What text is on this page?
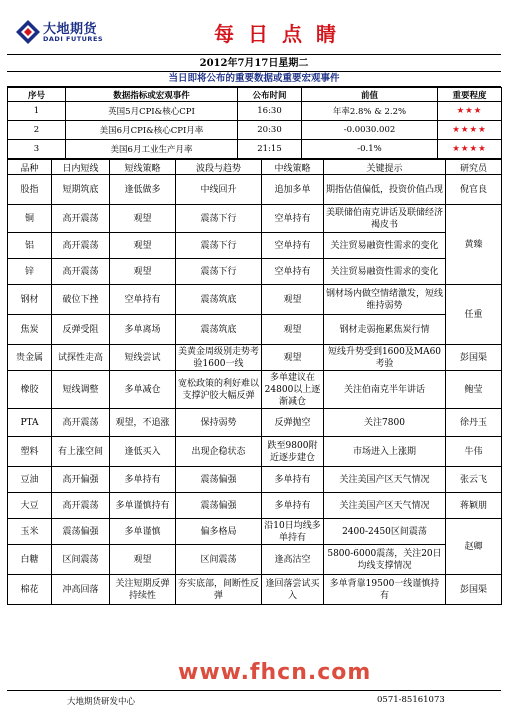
大地期货
DADI FUTURES	每日点睛
2012年7月17日星期二
当日即将公布的重要数据或重要宏观事件
序号	数据指标或宏观事件	公布时间	前值	重要程度
1	英国5月CPI&核心CPI	16:30	年率2.8% & 2.2%	★★★
2	美国6月CPI&核心CPI月率	20:30	-0.0030.002	★★★★
3	美国6月工业生产月率	21:15	-0.1%	★★★★
品种	日内短线	短线策略	波段与趋势	中线策略	关键提示	研究员
股指	短期筑底	逢低做多	中线回升	追加多单	期指估值偏低，投资价值凸现	倪官良
铜	高开震荡	观望	震荡下行	空单持有	美联储伯南克讲话及联储经济褐皮书	黄臻
铝	高开震荡	观望	震荡下行	空单持有	关注贸易融资性需求的变化	
锌	高开震荡	观望	震荡下行	空单持有	关注贸易融资性需求的变化	
钢材	破位下挫	空单持有	震荡筑底	观望	钢材场内做空情绪激发，短线维持弱势	任重
焦炭	反弹受阻	多单离场	震荡筑底	观望	钢材走弱拖累焦炭行情	
贵金属	试探性走高	短线尝试	美黄金周级别走势考验1600一线	观望	短线升势受到1600及MA60考验	彭国渠
橡胶	短线调整	多单减仓	宽松政策的利好难以支撑沪胶大幅反弹	多单建议在24800以上逐渐减仓	关注伯南克半年讲话	鲍莹
PTA	高开震荡	观望，不追涨	保持弱势	反弹抛空	关注7800	徐丹玉
塑料	有上涨空间	逢低买入	出现企稳状态	跌至9800附近逐步建仓	市场进入上涨期	牛伟
豆油	高开偏强	多单持有	震荡偏强	多单持有	关注美国产区天气情况	张云飞
大豆	高开震荡	多单谨慎持有	震荡偏强	多单持有	关注美国产区天气情况	蒋颖朋
玉米	震荡偏强	多单谨慎	偏多格局	沿10日均线多单持有	2400-2450区间震荡	赵卿
白糖	区间震荡	观望	区间震荡	逢高沽空	5800-6000震荡，关注20日均线支撑情况	
棉花	冲高回落	关注短期反弹持续性	夯实底部，间断性反弹	逢回落尝试买入	多单背靠19500一线谨慎持有	彭国渠
www.fhcn.com
大地期货研发中心	0571-85161073
